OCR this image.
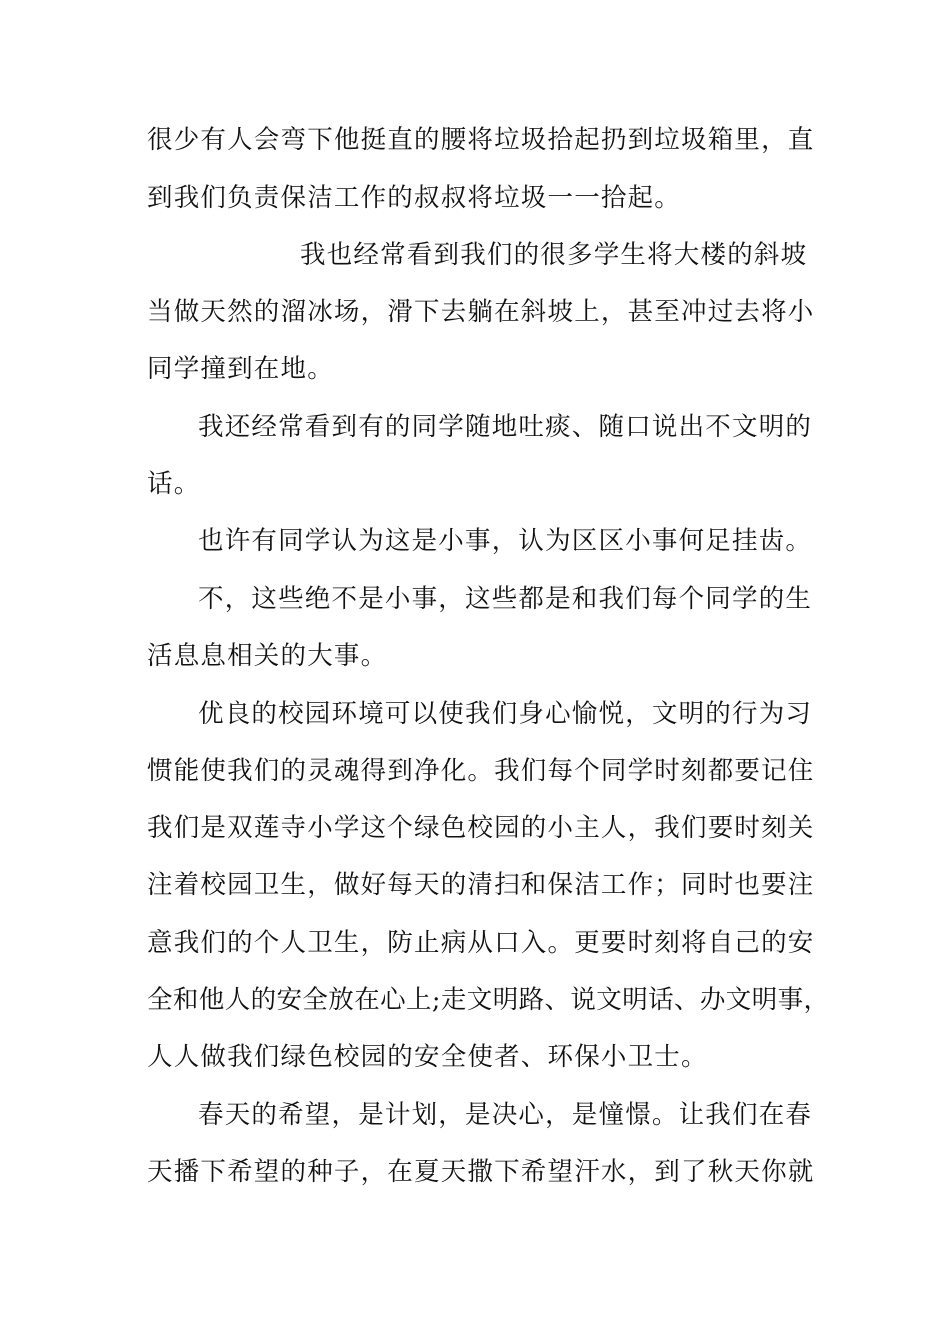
很少有人会弯下他挺直的腰将垃圾拾起扔到垃圾箱里，直
到我们负责保洁工作的叔叔将垃圾一一拾起。
我也经常看到我们的很多学生将大楼的斜坡
当做天然的溜冰场，滑下去躺在斜坡上，甚至冲过去将小
同学撞到在地。
我还经常看到有的同学随地吐痰、随口说出不文明的
话。
也许有同学认为这是小事，认为区区小事何足挂齿。
不，这些绝不是小事，这些都是和我们每个同学的生
活息息相关的大事。
优良的校园环境可以使我们身心愉悦，文明的行为习
惯能使我们的灵魂得到净化。我们每个同学时刻都要记住
我们是双莲寺小学这个绿色校园的小主人，我们要时刻关
注着校园卫生，做好每天的清扫和保洁工作；同时也要注
意我们的个人卫生，防止病从口入。更要时刻将自己的安
全和他人的安全放在心上;走文明路、说文明话、办文明事，
人人做我们绿色校园的安全使者、环保小卫士。
春天的希望，是计划，是决心，是憧憬。让我们在春
天播下希望的种子，在夏天撒下希望汗水，到了秋天你就
